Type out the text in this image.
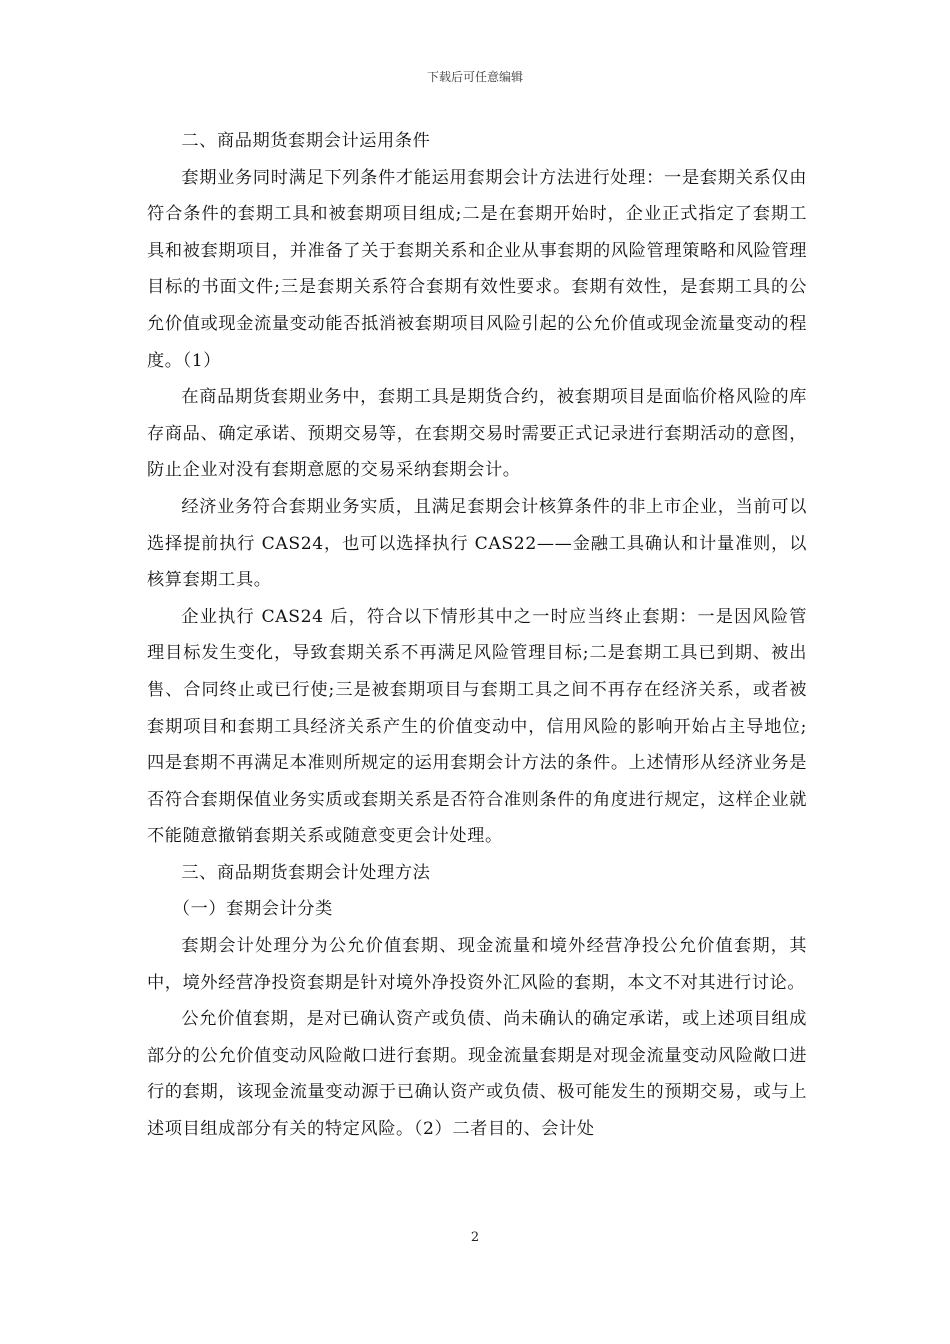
下载后可任意编辑

二、商品期货套期会计运用条件

套期业务同时满足下列条件才能运用套期会计方法进行处理：一是套期关系仅由符合条件的套期工具和被套期项目组成;二是在套期开始时，企业正式指定了套期工具和被套期项目，并准备了关于套期关系和企业从事套期的风险管理策略和风险管理目标的书面文件;三是套期关系符合套期有效性要求。套期有效性，是套期工具的公允价值或现金流量变动能否抵消被套期项目风险引起的公允价值或现金流量变动的程度。（1）

在商品期货套期业务中，套期工具是期货合约，被套期项目是面临价格风险的库存商品、确定承诺、预期交易等，在套期交易时需要正式记录进行套期活动的意图，防止企业对没有套期意愿的交易采纳套期会计。

经济业务符合套期业务实质，且满足套期会计核算条件的非上市企业，当前可以选择提前执行 CAS24，也可以选择执行 CAS22——金融工具确认和计量准则，以核算套期工具。

企业执行 CAS24 后，符合以下情形其中之一时应当终止套期：一是因风险管理目标发生变化，导致套期关系不再满足风险管理目标;二是套期工具已到期、被出售、合同终止或已行使;三是被套期项目与套期工具之间不再存在经济关系，或者被套期项目和套期工具经济关系产生的价值变动中，信用风险的影响开始占主导地位;四是套期不再满足本准则所规定的运用套期会计方法的条件。上述情形从经济业务是否符合套期保值业务实质或套期关系是否符合准则条件的角度进行规定，这样企业就不能随意撤销套期关系或随意变更会计处理。

三、商品期货套期会计处理方法

（一）套期会计分类

套期会计处理分为公允价值套期、现金流量和境外经营净投公允价值套期，其中，境外经营净投资套期是针对境外净投资外汇风险的套期，本文不对其进行讨论。

公允价值套期，是对已确认资产或负债、尚未确认的确定承诺，或上述项目组成部分的公允价值变动风险敞口进行套期。现金流量套期是对现金流量变动风险敞口进行的套期，该现金流量变动源于已确认资产或负债、极可能发生的预期交易，或与上述项目组成部分有关的特定风险。（2）二者目的、会计处

2
